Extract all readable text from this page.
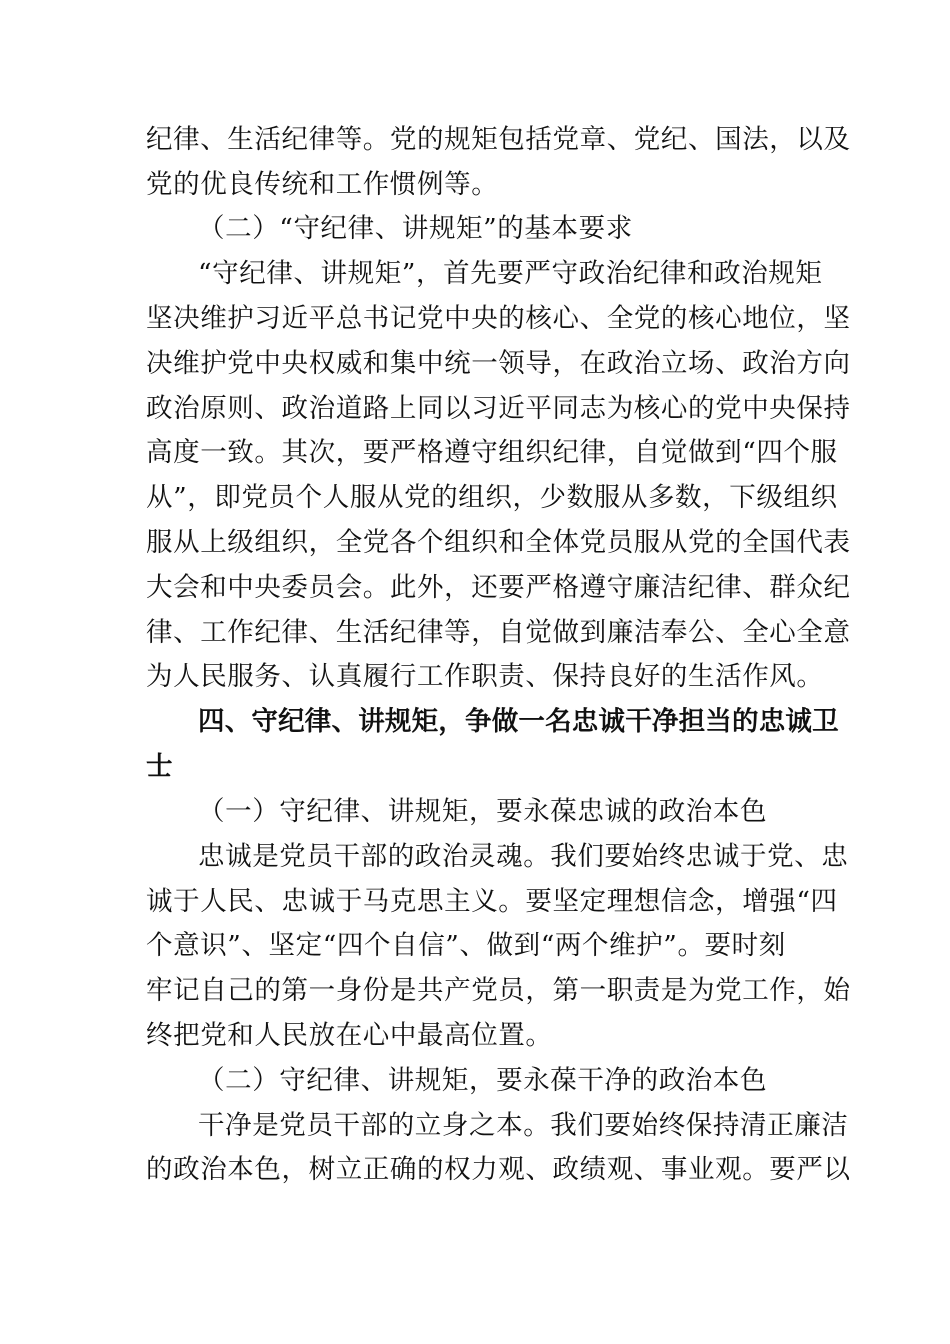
纪律、生活纪律等。党的规矩包括党章、党纪、国法，以及
党的优良传统和工作惯例等。
（二）“守纪律、讲规矩”的基本要求
“守纪律、讲规矩”，首先要严守政治纪律和政治规矩
坚决维护习近平总书记党中央的核心、全党的核心地位，坚
决维护党中央权威和集中统一领导，在政治立场、政治方向
政治原则、政治道路上同以习近平同志为核心的党中央保持
高度一致。其次，要严格遵守组织纪律，自觉做到“四个服
从”，即党员个人服从党的组织，少数服从多数，下级组织
服从上级组织，全党各个组织和全体党员服从党的全国代表
大会和中央委员会。此外，还要严格遵守廉洁纪律、群众纪
律、工作纪律、生活纪律等，自觉做到廉洁奉公、全心全意
为人民服务、认真履行工作职责、保持良好的生活作风。
四、守纪律、讲规矩，争做一名忠诚干净担当的忠诚卫
士
（一）守纪律、讲规矩，要永葆忠诚的政治本色
忠诚是党员干部的政治灵魂。我们要始终忠诚于党、忠
诚于人民、忠诚于马克思主义。要坚定理想信念，增强“四
个意识”、坚定“四个自信”、做到“两个维护”。要时刻
牢记自己的第一身份是共产党员，第一职责是为党工作，始
终把党和人民放在心中最高位置。
（二）守纪律、讲规矩，要永葆干净的政治本色
干净是党员干部的立身之本。我们要始终保持清正廉洁
的政治本色，树立正确的权力观、政绩观、事业观。要严以
